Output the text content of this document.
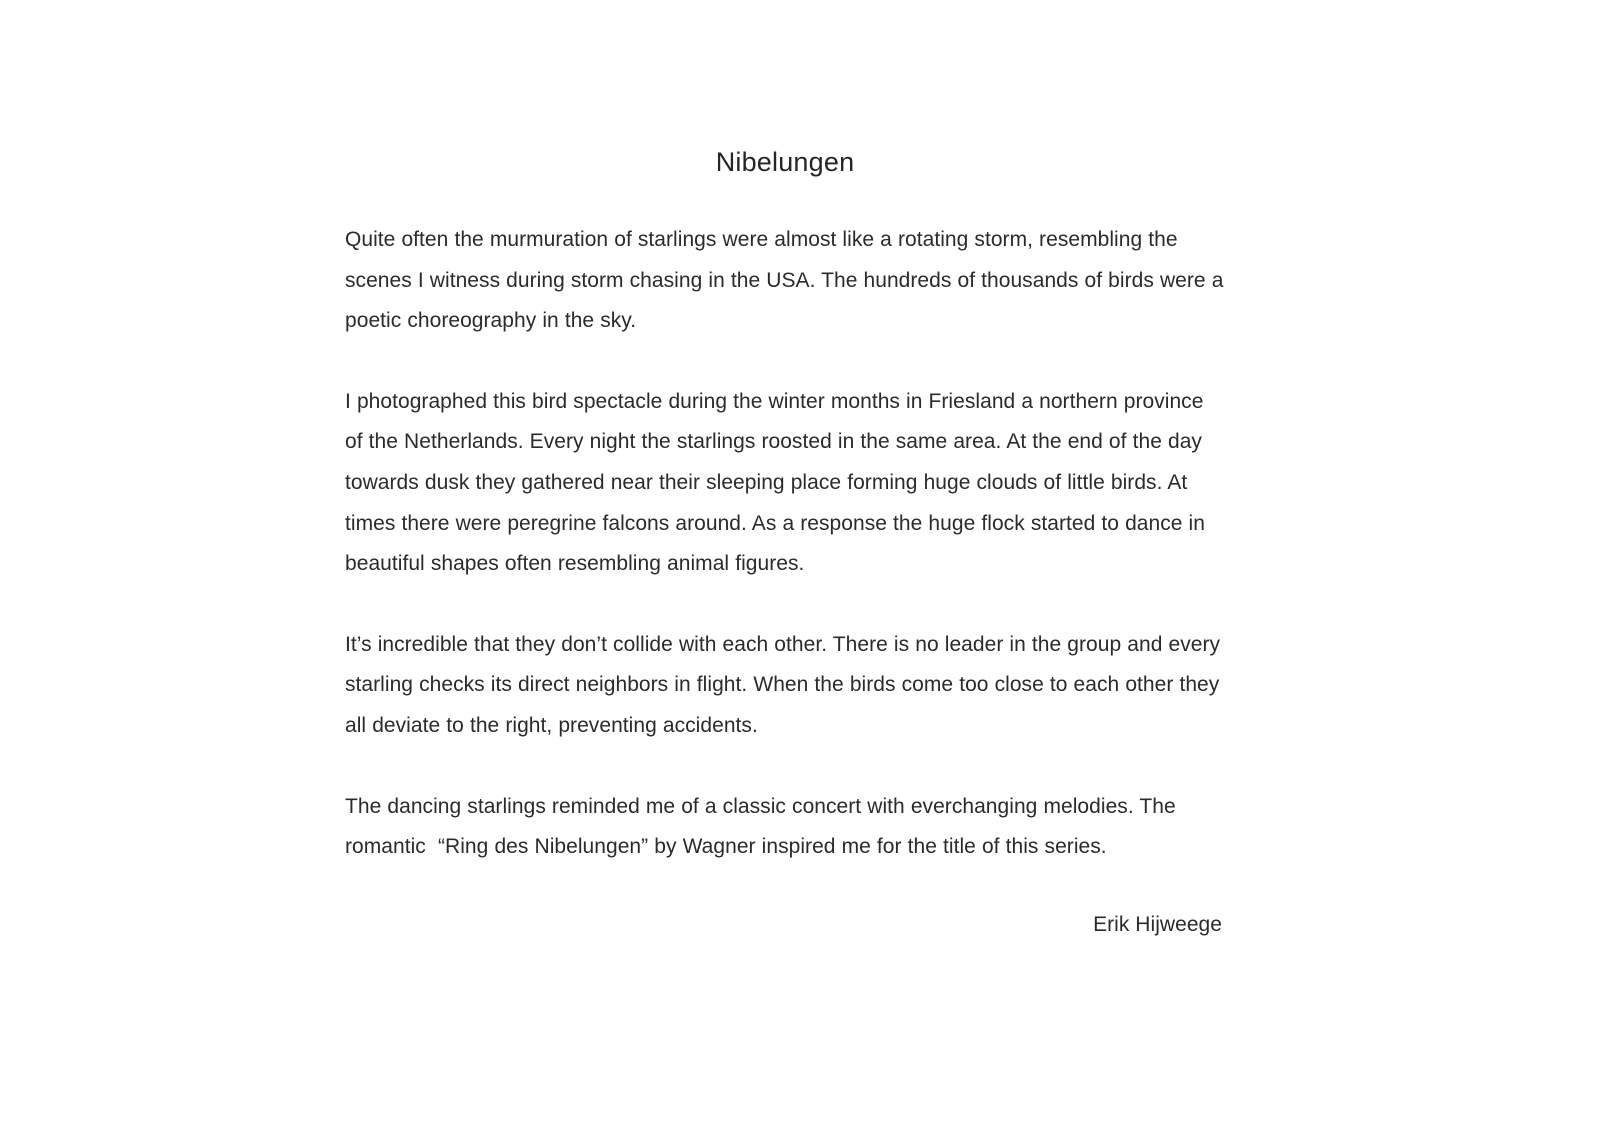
Nibelungen

Quite often the murmuration of starlings were almost like a rotating storm, resembling the scenes I witness during storm chasing in the USA. The hundreds of thousands of birds were a poetic choreography in the sky.

I photographed this bird spectacle during the winter months in Friesland a northern province of the Netherlands. Every night the starlings roosted in the same area. At the end of the day towards dusk they gathered near their sleeping place forming huge clouds of little birds. At times there were peregrine falcons around. As a response the huge flock started to dance in beautiful shapes often resembling animal figures.

It’s incredible that they don’t collide with each other. There is no leader in the group and every starling checks its direct neighbors in flight. When the birds come too close to each other they all deviate to the right, preventing accidents.

The dancing starlings reminded me of a classic concert with everchanging melodies. The romantic  “Ring des Nibelungen” by Wagner inspired me for the title of this series.

Erik Hijweege
